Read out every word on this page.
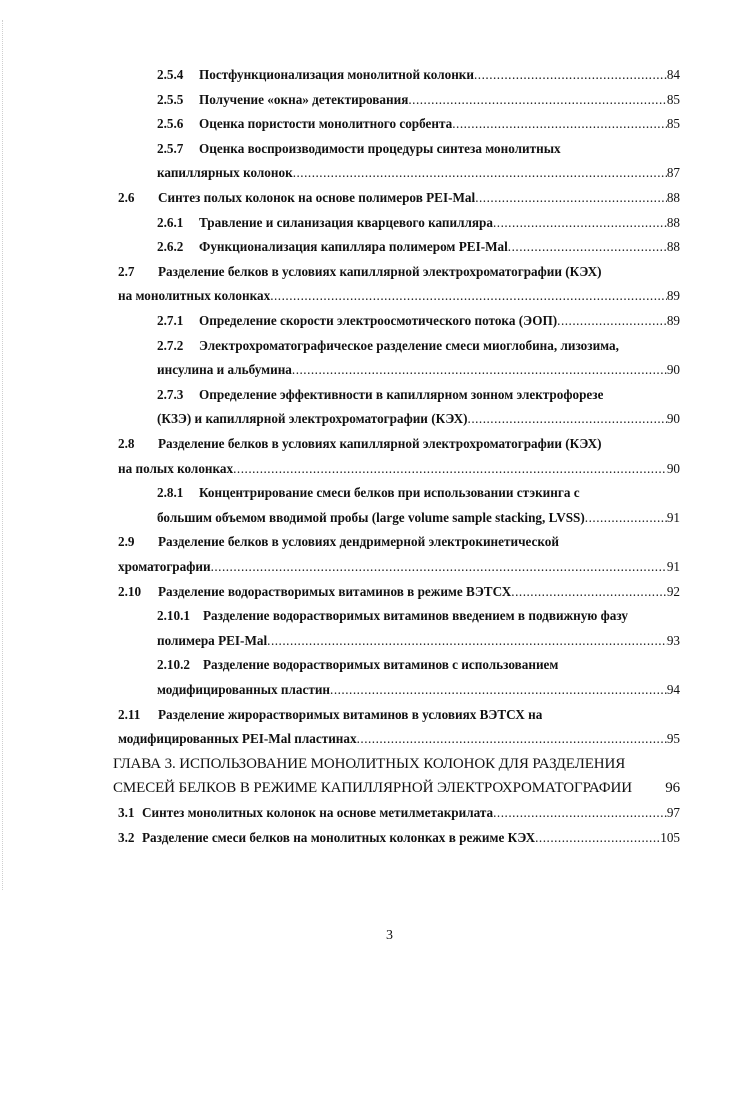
2.5.4	Постфункционализация монолитной колонки .....	84
2.5.5	Получение «окна» детектирования .....	85
2.5.6	Оценка пористости монолитного сорбента .....	85
2.5.7	Оценка воспроизводимости процедуры синтеза монолитных
капиллярных колонок .....	87
2.6	Синтез полых колонок на основе полимеров PEI-Mal .....	88
2.6.1	Травление и силанизация кварцевого капилляра .....	88
2.6.2	Функционализация капилляра полимером PEI-Mal .....	88
2.7	Разделение белков в условиях капиллярной электрохроматографии (КЭХ)
на монолитных колонках .....	89
2.7.1	Определение скорости электроосмотического потока (ЭОП) .....	89
2.7.2	Электрохроматографическое разделение смеси миоглобина, лизозима,
инсулина и альбумина .....	90
2.7.3	Определение эффективности в капиллярном зонном электрофорезе
(КЗЭ) и капиллярной электрохроматографии (КЭХ) .....	90
2.8	Разделение белков в условиях капиллярной электрохроматографии (КЭХ)
на полых колонках .....	90
2.8.1	Концентрирование смеси белков при использовании стэкинга с
большим объемом вводимой пробы (large volume sample stacking, LVSS) .....	91
2.9	Разделение белков в условиях дендримерной электрокинетической
хроматографии .....	91
2.10	Разделение водорастворимых витаминов в режиме ВЭТСХ .....	92
2.10.1 Разделение водорастворимых витаминов введением в подвижную фазу
полимера PEI-Mal .....	93
2.10.2 Разделение водорастворимых витаминов с использованием
модифицированных пластин .....	94
2.11	Разделение жирорастворимых витаминов в условиях ВЭТСХ на
модифицированных PEI-Mal пластинах .....	95
ГЛАВА 3. ИСПОЛЬЗОВАНИЕ МОНОЛИТНЫХ КОЛОНОК ДЛЯ РАЗДЕЛЕНИЯ
СМЕСЕЙ БЕЛКОВ В РЕЖИМЕ КАПИЛЛЯРНОЙ ЭЛЕКТРОХРОМАТОГРАФИИ 96
3.1 Синтез монолитных колонок на основе метилметакрилата .....	97
3.2 Разделение смеси белков на монолитных колонках в режиме КЭХ .....	105
3
